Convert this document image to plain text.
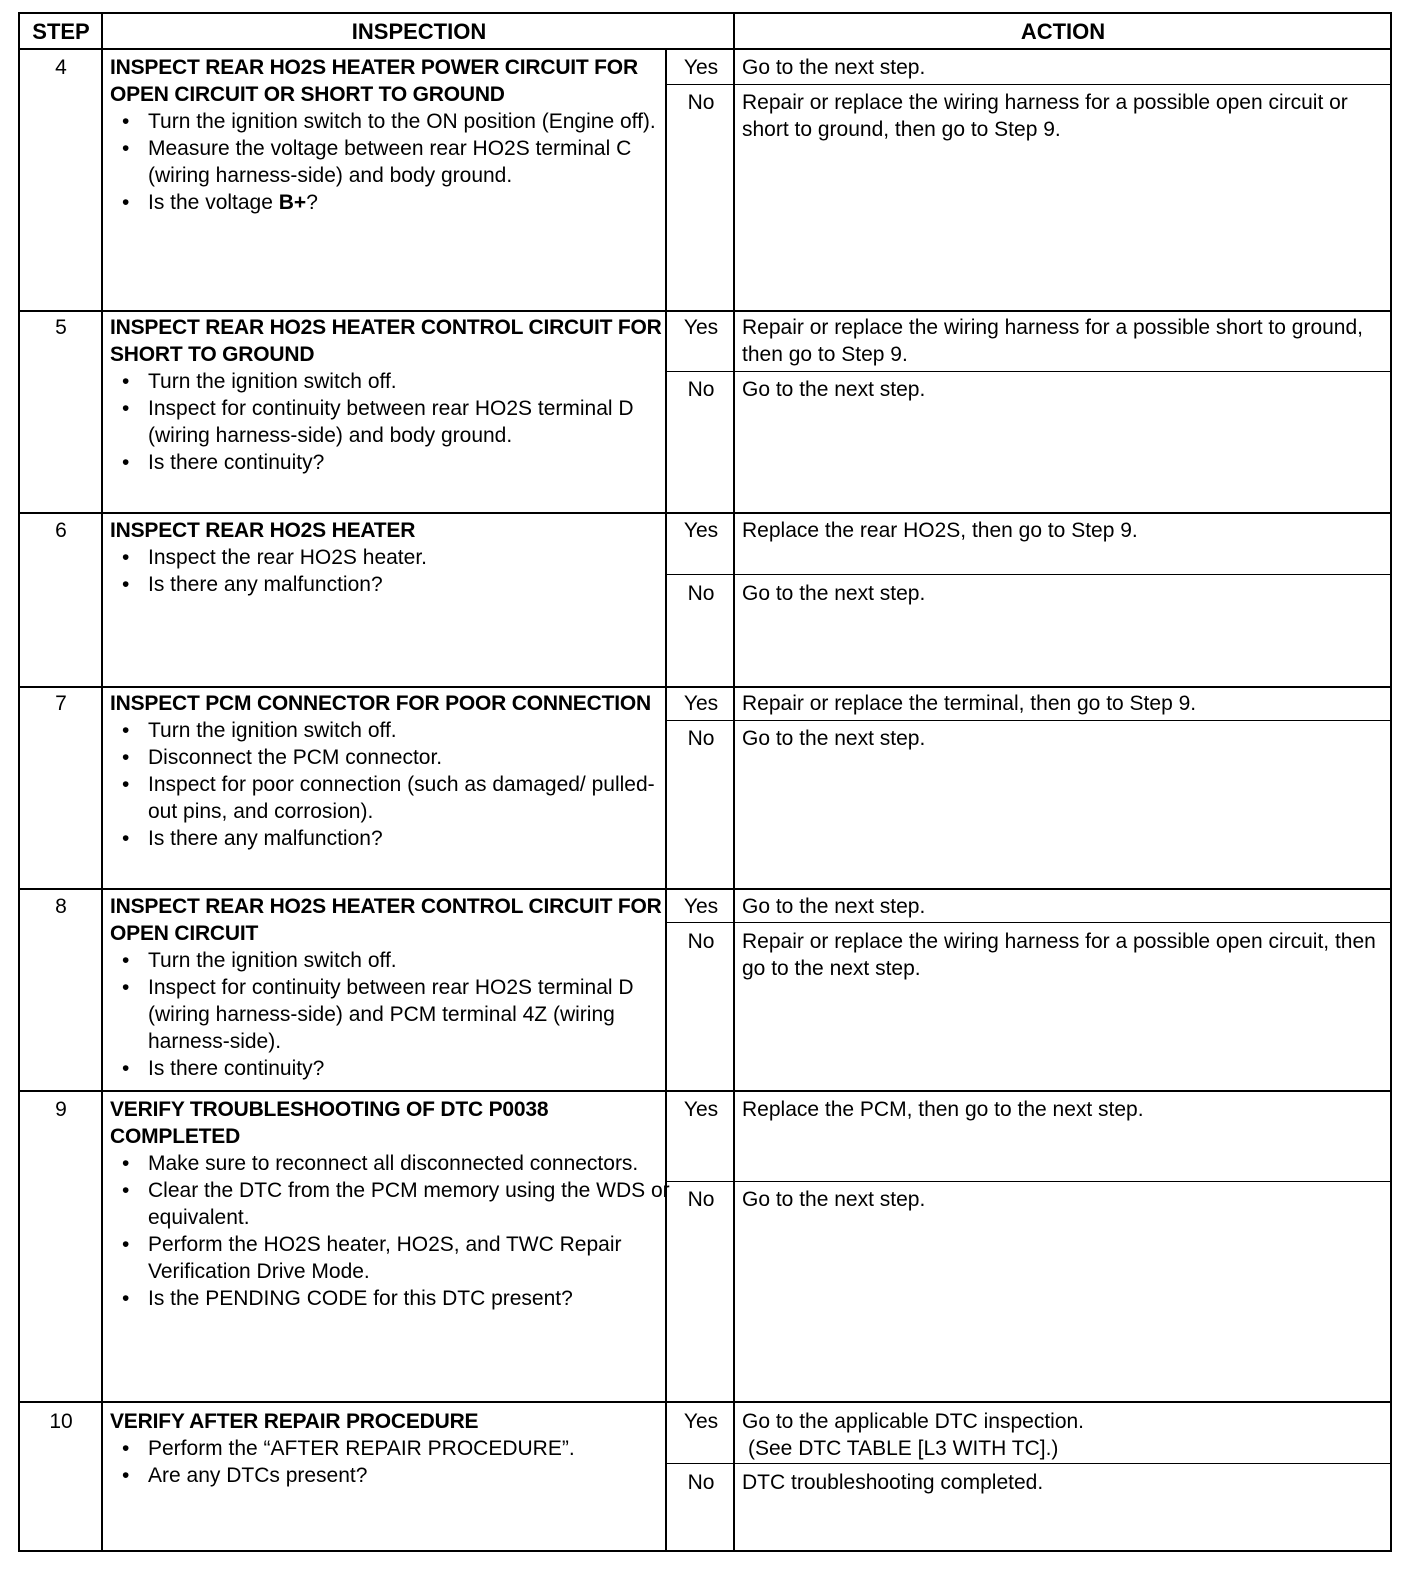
STEP	INSPECTION	ACTION
4	INSPECT REAR HO2S HEATER POWER CIRCUIT FOR OPEN CIRCUIT OR SHORT TO GROUND
• Turn the ignition switch to the ON position (Engine off).
• Measure the voltage between rear HO2S terminal C (wiring harness-side) and body ground.
• Is the voltage B+?
Yes	Go to the next step.
No	Repair or replace the wiring harness for a possible open circuit or short to ground, then go to Step 9.
5	INSPECT REAR HO2S HEATER CONTROL CIRCUIT FOR SHORT TO GROUND
• Turn the ignition switch off.
• Inspect for continuity between rear HO2S terminal D (wiring harness-side) and body ground.
• Is there continuity?
Yes	Repair or replace the wiring harness for a possible short to ground, then go to Step 9.
No	Go to the next step.
6	INSPECT REAR HO2S HEATER
• Inspect the rear HO2S heater.
• Is there any malfunction?
Yes	Replace the rear HO2S, then go to Step 9.
No	Go to the next step.
7	INSPECT PCM CONNECTOR FOR POOR CONNECTION
• Turn the ignition switch off.
• Disconnect the PCM connector.
• Inspect for poor connection (such as damaged/ pulled-out pins, and corrosion).
• Is there any malfunction?
Yes	Repair or replace the terminal, then go to Step 9.
No	Go to the next step.
8	INSPECT REAR HO2S HEATER CONTROL CIRCUIT FOR OPEN CIRCUIT
• Turn the ignition switch off.
• Inspect for continuity between rear HO2S terminal D (wiring harness-side) and PCM terminal 4Z (wiring harness-side).
• Is there continuity?
Yes	Go to the next step.
No	Repair or replace the wiring harness for a possible open circuit, then go to the next step.
9	VERIFY TROUBLESHOOTING OF DTC P0038 COMPLETED
• Make sure to reconnect all disconnected connectors.
• Clear the DTC from the PCM memory using the WDS or equivalent.
• Perform the HO2S heater, HO2S, and TWC Repair Verification Drive Mode.
• Is the PENDING CODE for this DTC present?
Yes	Replace the PCM, then go to the next step.
No	Go to the next step.
10	VERIFY AFTER REPAIR PROCEDURE
• Perform the “AFTER REPAIR PROCEDURE”.
• Are any DTCs present?
Yes	Go to the applicable DTC inspection.
(See DTC TABLE [L3 WITH TC].)
No	DTC troubleshooting completed.
